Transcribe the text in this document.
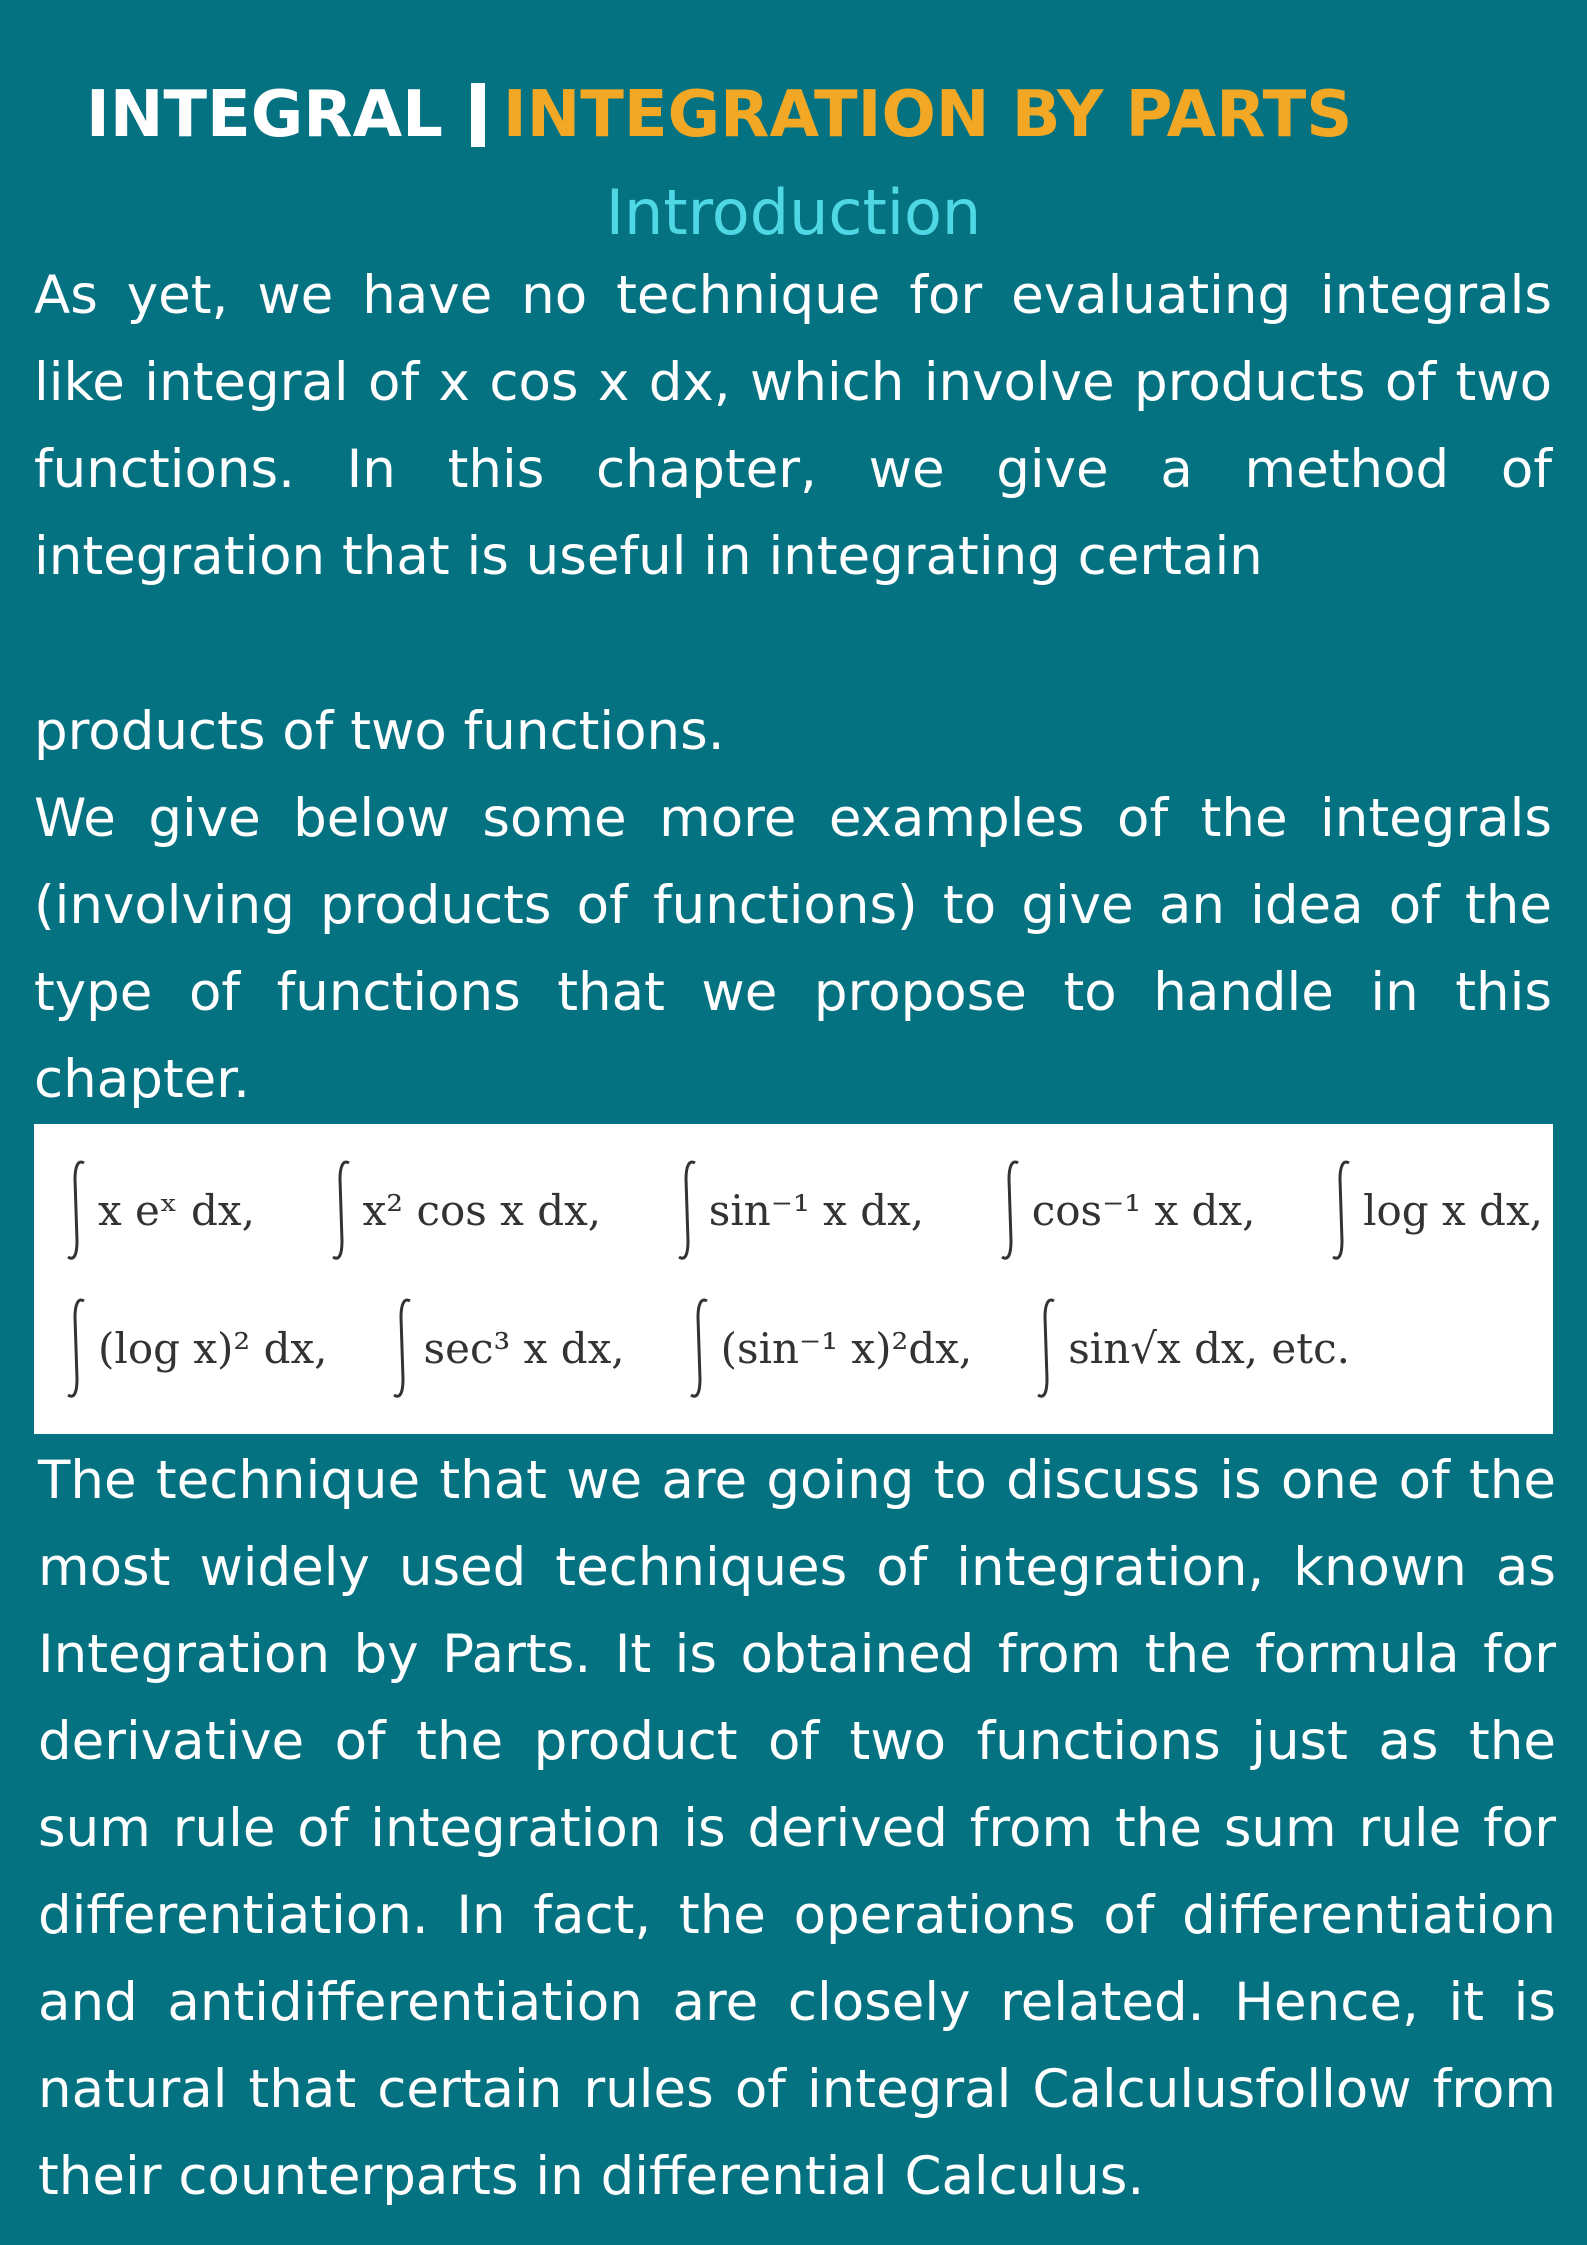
INTEGRAL INTEGRATION BY PARTS
Introduction

As yet, we have no technique for evaluating integrals like integral of x cos x dx, which involve products of two functions. In this chapter, we give a method of integration that is useful in integrating certain

products of two functions.

We give below some more examples of the integrals (involving products of functions) to give an idea of the type of functions that we propose to handle in this chapter.

x eˣ dx,	x² cos x dx,	sin⁻¹ x dx,	cos⁻¹ x dx,	log x dx,
(log x)² dx, sec³ x dx, (sin⁻¹ x)²dx, sin√x dx, etc.

The technique that we are going to discuss is one of the most widely used techniques of integration, known as Integration by Parts. It is obtained from the formula for derivative of the product of two functions just as the sum rule of integration is derived from the sum rule for differentiation. In fact, the operations of differentiation and antidifferentiation are closely related. Hence, it is natural that certain rules of integral Calculusfollow from their counterparts in differential Calculus.
